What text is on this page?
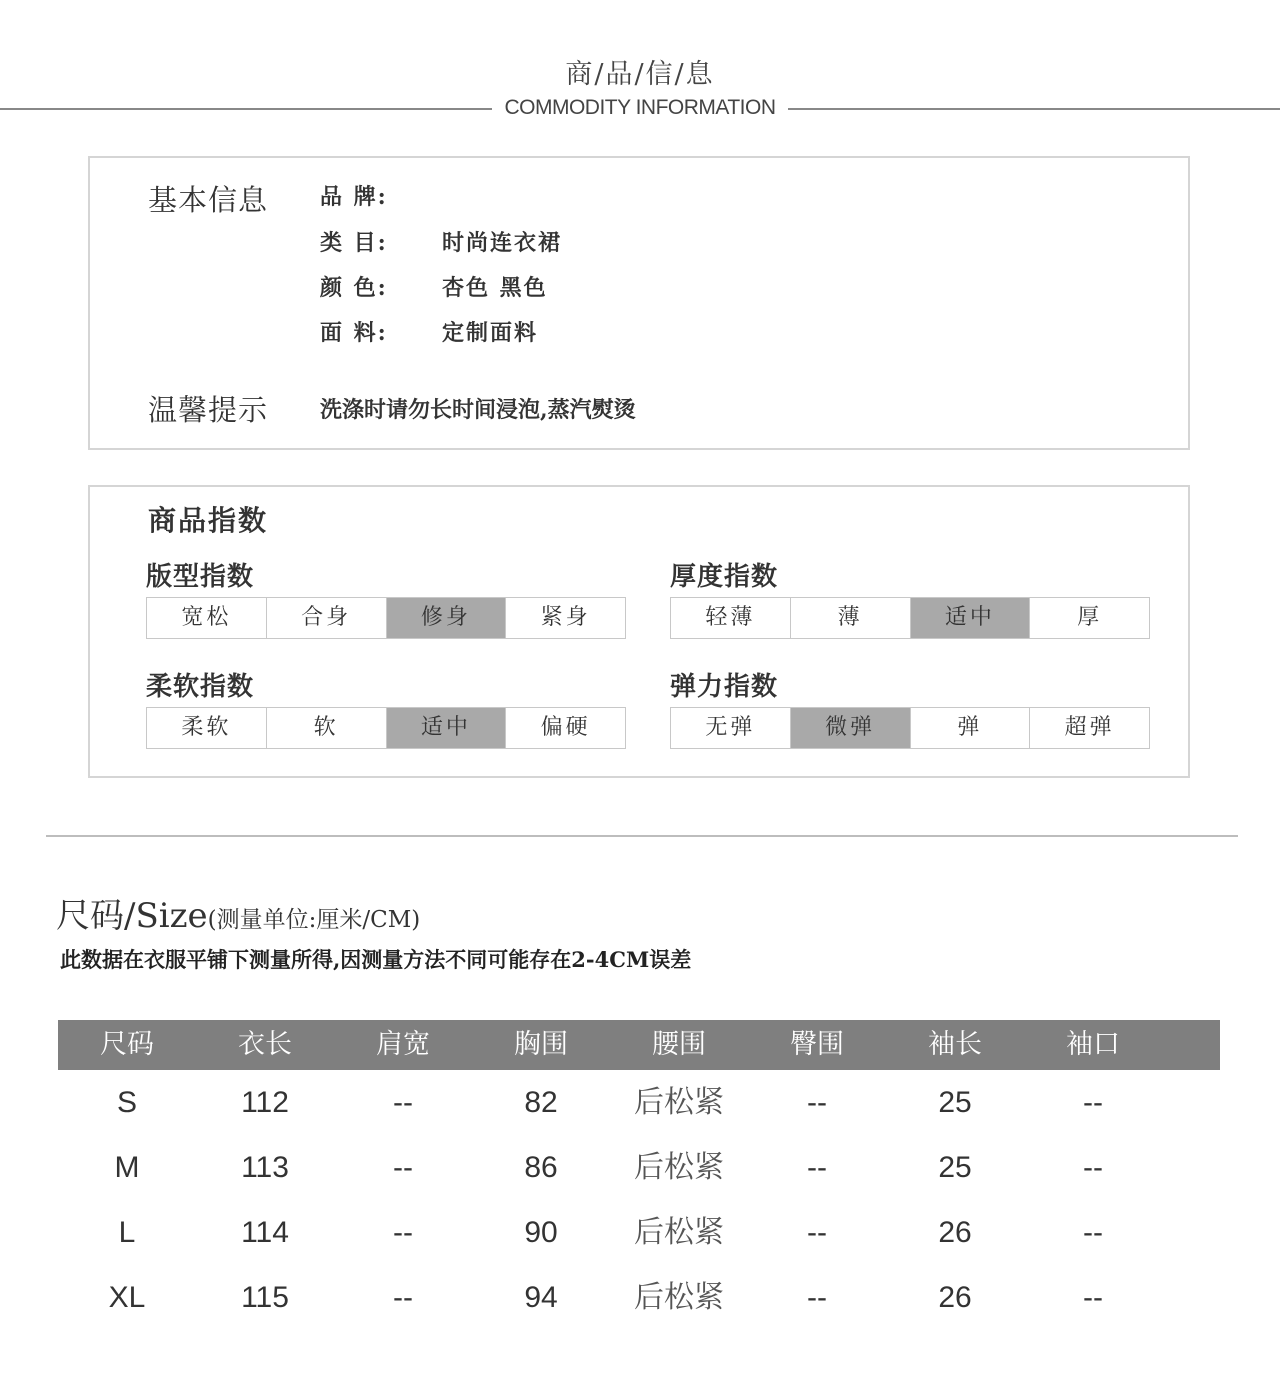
商/品/信/息
COMMODITY INFORMATION
基本信息 品 牌:
类 目: 时尚连衣裙
颜 色: 杏色 黑色
面 料: 定制面料
温馨提示 洗涤时请勿长时间浸泡,蒸汽熨烫
商品指数
版型指数
宽松	合身	修身	紧身
厚度指数
轻薄	薄	适中	厚
柔软指数
柔软	软	适中	偏硬
弹力指数
无弹	微弹	弹	超弹
尺码/Size(测量单位:厘米/CM)
此数据在衣服平铺下测量所得,因测量方法不同可能存在2-4CM误差
尺码	衣长	肩宽	胸围	腰围	臀围	袖长	袖口
S	112	--	82	后松紧	--	25	--
M	113	--	86	后松紧	--	25	--
L	114	--	90	后松紧	--	26	--
XL	115	--	94	后松紧	--	26	--
